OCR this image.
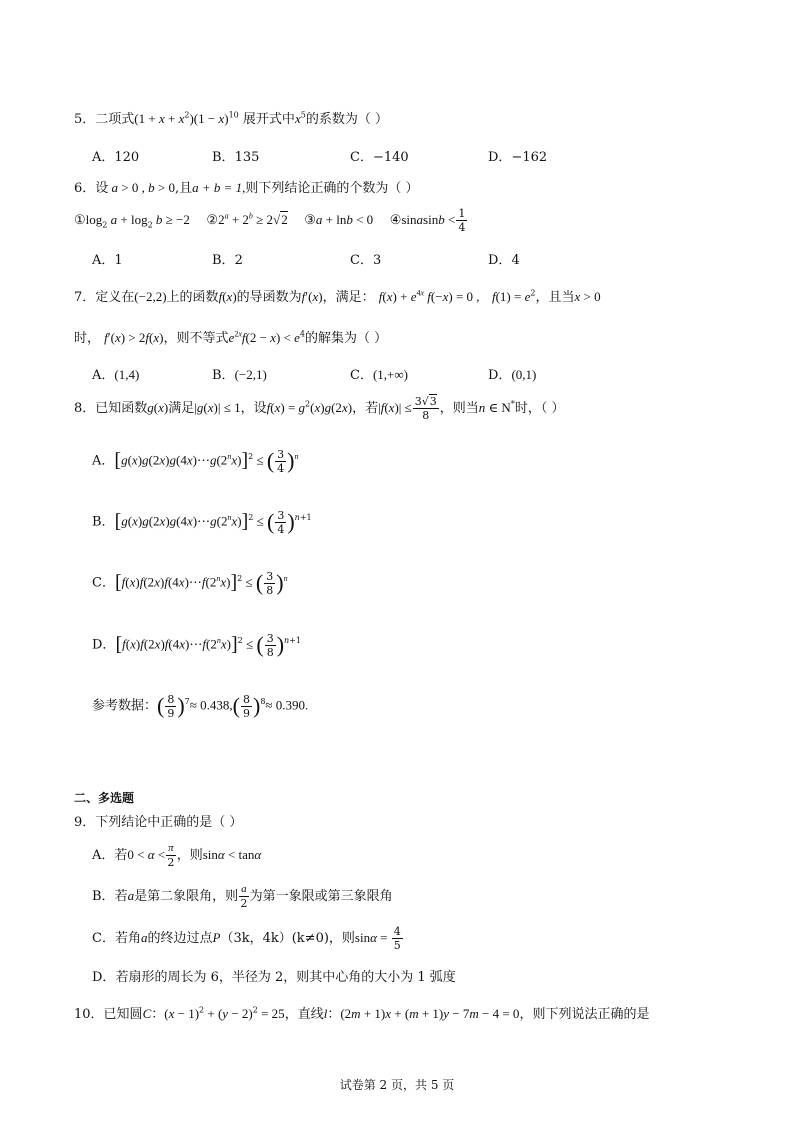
5．二项式$(1 + x + x^2)(1 - x)^{10}$ 展开式中$x^5$的系数为（ ）
A．120	B．135	C．−140	D．−162
6．设 a > 0 , b > 0,且a + b = 1,则下列结论正确的个数为（ ）
$①\log_2$ $a + \log_2 b \ge -2$ $②2^a + 2^b \ge 2√2$ ③a + lnb < 0 ④sinasinb < $\frac{1}{4}$
A．1	B．2	C．3	D．4
7．定义在(−2,2)上的函数f(x)的导函数为f′(x)，满足： $f(x) + e^{4x}$ f(−x) = 0 , $f(1) = e^2$，且当x > 0
时， f′(x) > 2f(x)，则不等式$e^{2x}f(2 - x) < e^4$的解集为（ ）
A．(1,4)	B．(−2,1)	C．(1,+∞)	D．(0,1)
8．已知函数g(x)满足|g(x)| ≤ 1，设$f(x) = g^2(x)g(2x)$，若$|f(x)| \le \frac{3√3}{8}$ ，则当n ∈ N*时，（ ）
A．$[g(x)g(2x)g(4x)\cdots g(2^nx)]^2$ ≤ ( $\frac{3}{4} )^n$
B．$[g(x)g(2x)g(4x)\cdots g(2^nx)]^2$ ≤ ( $\frac{3}{4} )^{n+1}$
C．$[f(x)f(2x)f(4x)\cdots f(2^nx)]^2$ ≤ ( $\frac{3}{8} )^n$
D．$[f(x)f(2x)f(4x)\cdots f(2^nx)]^2$ ≤ ( $\frac{3}{8} )^{n+1}$
参考数据：( $\frac{8}{9} )^7\approx 0.438,( \frac{8}{9} )^8\approx 0.390$.
二、多选题
9．下列结论中正确的是（ ）
A．若$0 < \alpha < \frac{\pi}{2}$ ，则sinα < tanα
B．若a是第二象限角，则 $\frac{a}{2}$ 为第一象限或第三象限角
C．若角a的终边过点P（3k，4k）(k≠0)，则$\sin\alpha = \frac{4}{5}$
D．若扇形的周长为 6，半径为 2，则其中心角的大小为 1 弧度
10．已知圆C：$(x - 1)^2 + (y - 2)^2 = 25$，直线l：(2m + 1)x + (m + 1)y − 7m − 4 = 0，则下列说法正确的是
试卷第 2 页，共 5 页
